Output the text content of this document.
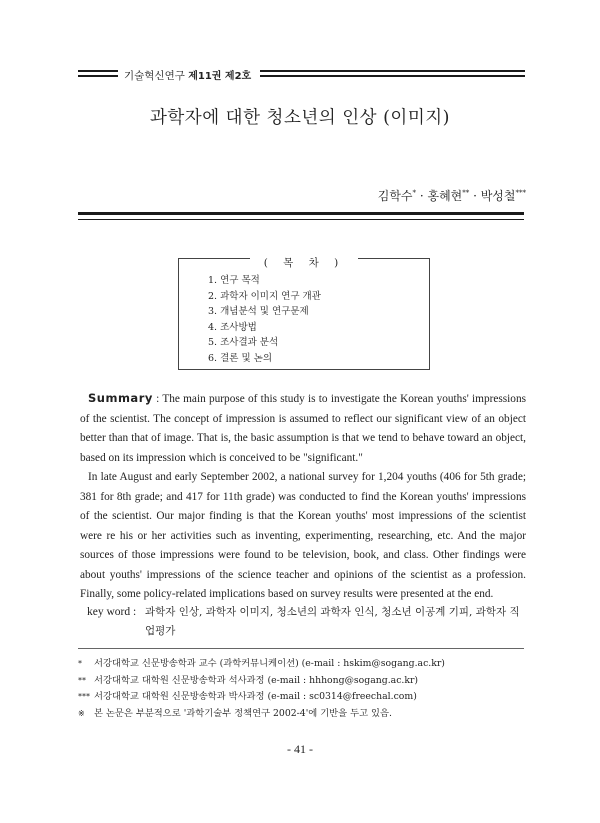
기술혁신연구 제11권 제2호
과학자에 대한 청소년의 인상 (이미지)
김학수* · 홍혜현** · 박성철***
( 목 차 )
1. 연구 목적
2. 과학자 이미지 연구 개관
3. 개념분석 및 연구문제
4. 조사방법
5. 조사결과 분석
6. 결론 및 논의

Summary : The main purpose of this study is to investigate the Korean youths' impressions of the scientist. The concept of impression is assumed to reflect our significant view of an object better than that of image. That is, the basic assumption is that we tend to behave toward an object, based on its impression which is conceived to be "significant."

In late August and early September 2002, a national survey for 1,204 youths (406 for 5th grade; 381 for 8th grade; and 417 for 11th grade) was conducted to find the Korean youths' impressions of the scientist. Our major finding is that the Korean youths' most impressions of the scientist were re his or her activities such as inventing, experimenting, researching, etc. And the major sources of those impressions were found to be television, book, and class. Other findings were about youths' impressions of the science teacher and opinions of the scientist as a profession. Finally, some policy-related implications based on survey results were presented at the end.

key word : 과학자 인상, 과학자 이미지, 청소년의 과학자 인식, 청소년 이공계 기피, 과학자 직업평가
* 서강대학교 신문방송학과 교수 (과학커뮤니케이션) (e-mail : hskim@sogang.ac.kr)
** 서강대학교 대학원 신문방송학과 석사과정 (e-mail : hhhong@sogang.ac.kr)
*** 서강대학교 대학원 신문방송학과 박사과정 (e-mail : sc0314@freechal.com)
※ 본 논문은 부분적으로 '과학기술부 정책연구 2002-4'에 기반을 두고 있음.
- 41 -
